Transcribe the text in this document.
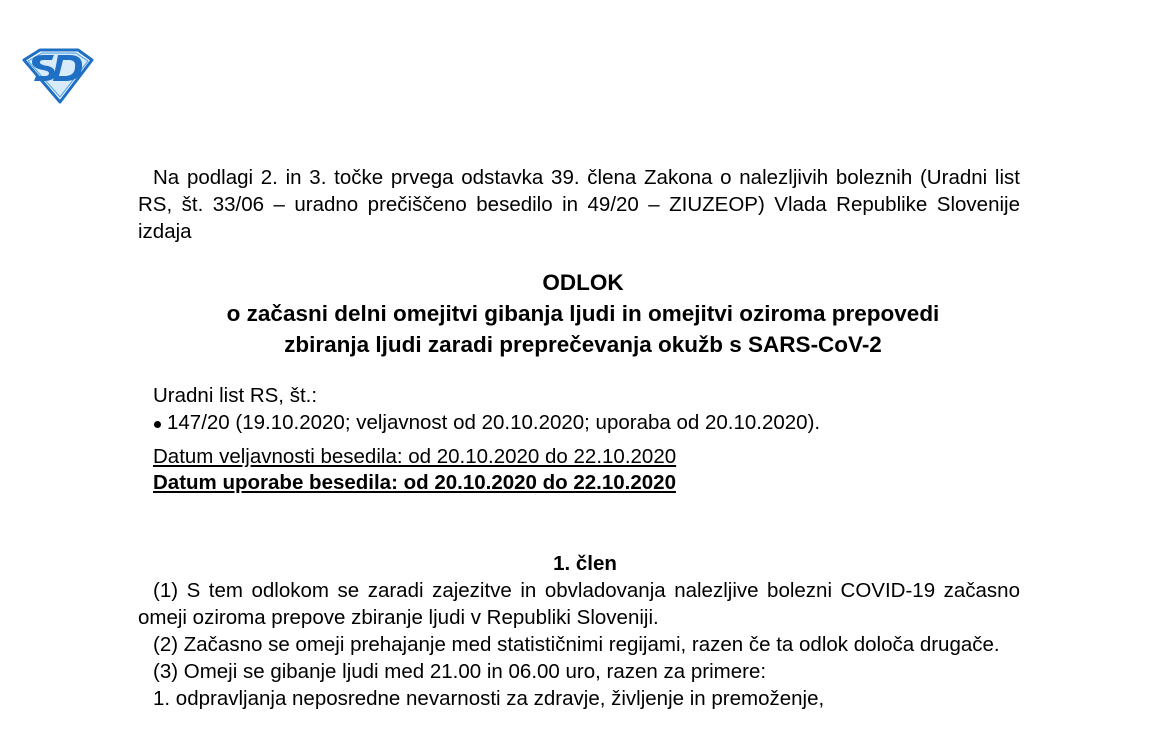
Na podlagi 2. in 3. točke prvega odstavka 39. člena Zakona o nalezljivih boleznih (Uradni list RS, št. 33/06 – uradno prečiščeno besedilo in 49/20 – ZIUZEOP) Vlada Republike Slovenije izdaja

ODLOK
o začasni delni omejitvi gibanja ljudi in omejitvi oziroma prepovedi
zbiranja ljudi zaradi preprečevanja okužb s SARS-CoV-2
Uradni list RS, št.:
147/20 (19.10.2020; veljavnost od 20.10.2020; uporaba od 20.10.2020).
Datum veljavnosti besedila: od 20.10.2020 do 22.10.2020
Datum uporabe besedila: od 20.10.2020 do 22.10.2020
1. člen

(1) S tem odlokom se zaradi zajezitve in obvladovanja nalezljive bolezni COVID-19 začasno omeji oziroma prepove zbiranje ljudi v Republiki Sloveniji.

(2) Začasno se omeji prehajanje med statističnimi regijami, razen če ta odlok določa drugače.

(3) Omeji se gibanje ljudi med 21.00 in 06.00 uro, razen za primere:

1. odpravljanja neposredne nevarnosti za zdravje, življenje in premoženje,
